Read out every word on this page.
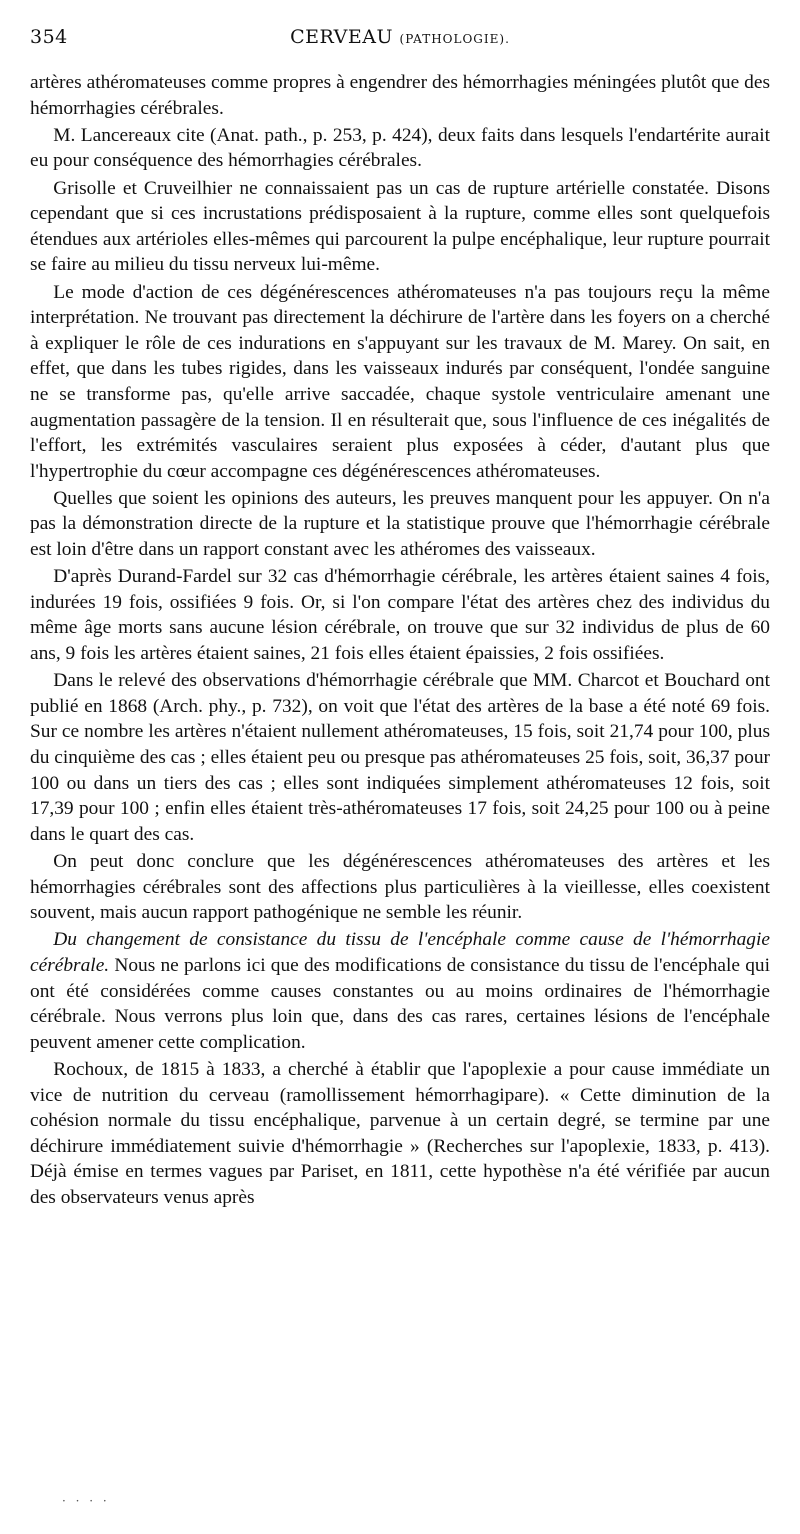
354	CERVEAU (PATHOLOGIE).

artères athéromateuses comme propres à engendrer des hémorrhagies méningées plutôt que des hémorrhagies cérébrales.

M. Lancereaux cite (Anat. path., p. 253, p. 424), deux faits dans lesquels l'endartérite aurait eu pour conséquence des hémorrhagies cérébrales.

Grisolle et Cruveilhier ne connaissaient pas un cas de rupture artérielle constatée. Disons cependant que si ces incrustations prédisposaient à la rupture, comme elles sont quelquefois étendues aux artérioles elles-mêmes qui parcourent la pulpe encéphalique, leur rupture pourrait se faire au milieu du tissu nerveux lui-même.

Le mode d'action de ces dégénérescences athéromateuses n'a pas toujours reçu la même interprétation. Ne trouvant pas directement la déchirure de l'artère dans les foyers on a cherché à expliquer le rôle de ces indurations en s'appuyant sur les travaux de M. Marey. On sait, en effet, que dans les tubes rigides, dans les vaisseaux indurés par conséquent, l'ondée sanguine ne se transforme pas, qu'elle arrive saccadée, chaque systole ventriculaire amenant une augmentation passagère de la tension. Il en résulterait que, sous l'influence de ces inégalités de l'effort, les extrémités vasculaires seraient plus exposées à céder, d'autant plus que l'hypertrophie du cœur accompagne ces dégénérescences athéromateuses.

Quelles que soient les opinions des auteurs, les preuves manquent pour les appuyer. On n'a pas la démonstration directe de la rupture et la statistique prouve que l'hémorrhagie cérébrale est loin d'être dans un rapport constant avec les athéromes des vaisseaux.

D'après Durand-Fardel sur 32 cas d'hémorrhagie cérébrale, les artères étaient saines 4 fois, indurées 19 fois, ossifiées 9 fois. Or, si l'on compare l'état des artères chez des individus du même âge morts sans aucune lésion cérébrale, on trouve que sur 32 individus de plus de 60 ans, 9 fois les artères étaient saines, 21 fois elles étaient épaissies, 2 fois ossifiées.

Dans le relevé des observations d'hémorrhagie cérébrale que MM. Charcot et Bouchard ont publié en 1868 (Arch. phy., p. 732), on voit que l'état des artères de la base a été noté 69 fois. Sur ce nombre les artères n'étaient nullement athéromateuses, 15 fois, soit 21,74 pour 100, plus du cinquième des cas ; elles étaient peu ou presque pas athéromateuses 25 fois, soit, 36,37 pour 100 ou dans un tiers des cas ; elles sont indiquées simplement athéromateuses 12 fois, soit 17,39 pour 100 ; enfin elles étaient très-athéromateuses 17 fois, soit 24,25 pour 100 ou à peine dans le quart des cas.

On peut donc conclure que les dégénérescences athéromateuses des artères et les hémorrhagies cérébrales sont des affections plus particulières à la vieillesse, elles coexistent souvent, mais aucun rapport pathogénique ne semble les réunir.

Du changement de consistance du tissu de l'encéphale comme cause de l'hémorrhagie cérébrale. Nous ne parlons ici que des modifications de consistance du tissu de l'encéphale qui ont été considérées comme causes constantes ou au moins ordinaires de l'hémorrhagie cérébrale. Nous verrons plus loin que, dans des cas rares, certaines lésions de l'encéphale peuvent amener cette complication.

Rochoux, de 1815 à 1833, a cherché à établir que l'apoplexie a pour cause immédiate un vice de nutrition du cerveau (ramollissement hémorrhagipare). « Cette diminution de la cohésion normale du tissu encéphalique, parvenue à un certain degré, se termine par une déchirure immédiatement suivie d'hémorrhagie » (Recherches sur l'apoplexie, 1833, p. 413). Déjà émise en termes vagues par Pariset, en 1811, cette hypothèse n'a été vérifiée par aucun des observateurs venus après

· · · ·
